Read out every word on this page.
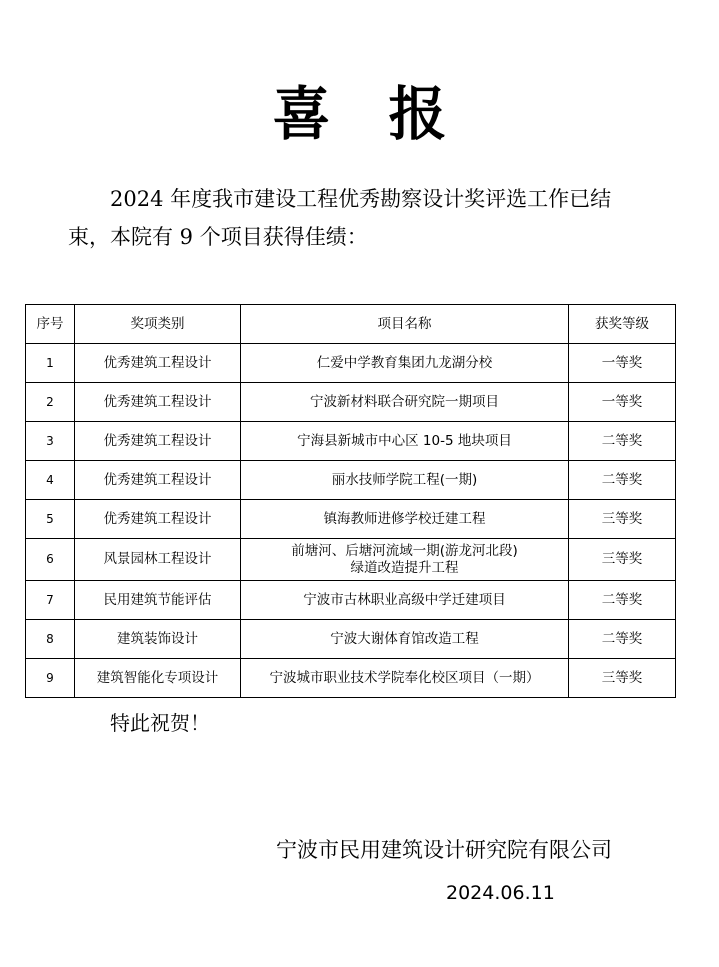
喜报
2024 年度我市建设工程优秀勘察设计奖评选工作已结
束，本院有 9 个项目获得佳绩：
序号	奖项类别	项目名称	获奖等级
1	优秀建筑工程设计	仁爱中学教育集团九龙湖分校	一等奖
2	优秀建筑工程设计	宁波新材料联合研究院一期项目	一等奖
3	优秀建筑工程设计	宁海县新城市中心区 10-5 地块项目	二等奖
4	优秀建筑工程设计	丽水技师学院工程(一期)	二等奖
5	优秀建筑工程设计	镇海教师进修学校迁建工程	三等奖
6	风景园林工程设计	前塘河、后塘河流域一期(游龙河北段)
绿道改造提升工程	三等奖
7	民用建筑节能评估	宁波市古林职业高级中学迁建项目	二等奖
8	建筑装饰设计	宁波大谢体育馆改造工程	二等奖
9	建筑智能化专项设计	宁波城市职业技术学院奉化校区项目（一期）	三等奖
特此祝贺！
宁波市民用建筑设计研究院有限公司
2024.06.11
